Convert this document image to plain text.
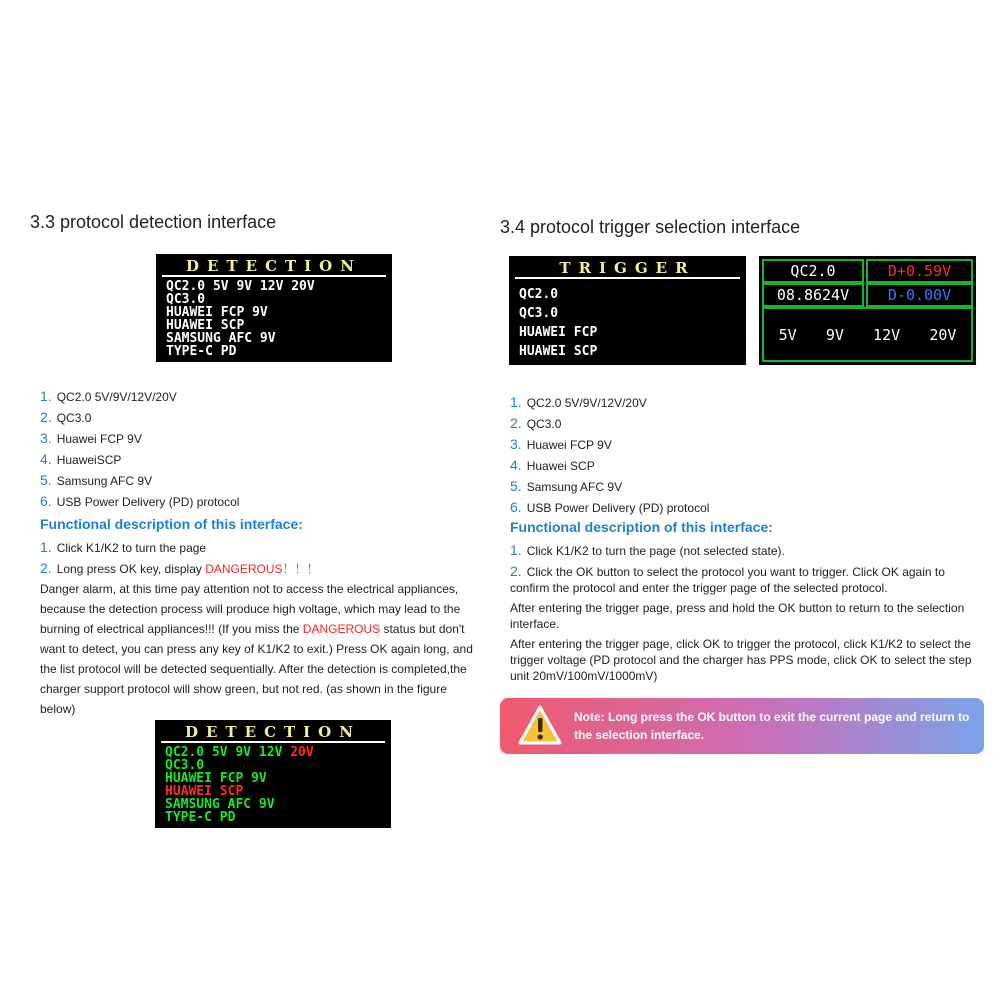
3.3 protocol detection interface
DETECTION
QC2.0 5V 9V 12V 20V
QC3.0
HUAWEI FCP 9V
HUAWEI SCP
SAMSUNG AFC 9V
TYPE-C PD
1. QC2.0 5V/9V/12V/20V
2. QC3.0
3. Huawei FCP 9V
4. HuaweiSCP
5. Samsung AFC 9V
6. USB Power Delivery (PD) protocol
Functional description of this interface:
1. Click K1/K2 to turn the page
2. Long press OK key, display DANGEROUS！！！
Danger alarm, at this time pay attention not to access the electrical appliances, because the detection process will produce high voltage, which may lead to the burning of electrical appliances!!! (If you miss the DANGEROUS status but don't want to detect, you can press any key of K1/K2 to exit.) Press OK again long, and the list protocol will be detected sequentially. After the detection is completed,the charger support protocol will show green, but not red. (as shown in the figure below)
DETECTION
QC2.0 5V 9V 12V 20V
QC3.0
HUAWEI FCP 9V
HUAWEI SCP
SAMSUNG AFC 9V
TYPE-C PD
3.4 protocol trigger selection interface
TRIGGER
QC2.0
QC3.0
HUAWEI FCP
HUAWEI SCP
QC2.0	D+0.59V
08.8624V	D-0.00V
5V 9V 12V 20V
1. QC2.0 5V/9V/12V/20V
2. QC3.0
3. Huawei FCP 9V
4. Huawei SCP
5. Samsung AFC 9V
6. USB Power Delivery (PD) protocol
Functional description of this interface:
1. Click K1/K2 to turn the page (not selected state).
2. Click the OK button to select the protocol you want to trigger. Click OK again to confirm the protocol and enter the trigger page of the selected protocol.
After entering the trigger page, press and hold the OK button to return to the selection interface.
After entering the trigger page, click OK to trigger the protocol, click K1/K2 to select the trigger voltage (PD protocol and the charger has PPS mode, click OK to select the step unit 20mV/100mV/1000mV)
Note: Long press the OK button to exit the current page and return to the selection interface.
